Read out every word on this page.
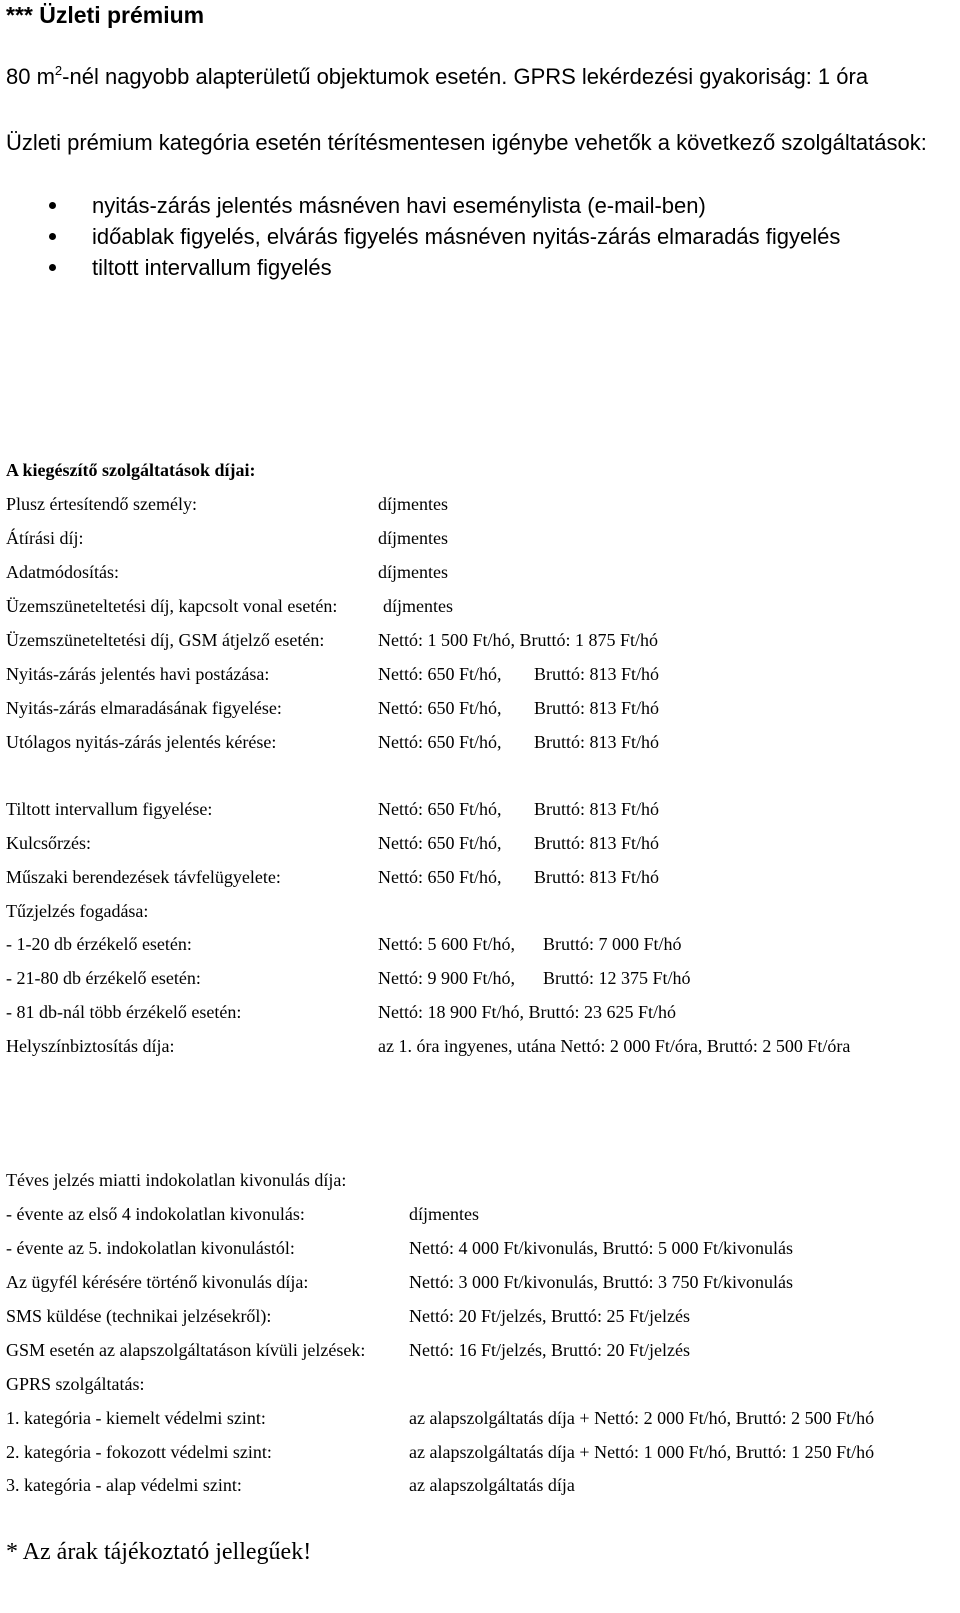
*** Üzleti prémium
80 $m^2$-nél nagyobb alapterületű objektumok esetén. GPRS lekérdezési gyakoriság: 1 óra
Üzleti prémium kategória esetén térítésmentesen igénybe vehetők a következő szolgáltatások:
nyitás-zárás jelentés másnéven havi eseménylista (e-mail-ben)
időablak figyelés, elvárás figyelés másnéven nyitás-zárás elmaradás figyelés
tiltott intervallum figyelés
A kiegészítő szolgáltatások díjai:
Plusz értesítendő személy:	díjmentes
Átírási díj:	díjmentes
Adatmódosítás:	díjmentes
Üzemszüneteltetési díj, kapcsolt vonal esetén:	díjmentes
Üzemszüneteltetési díj, GSM átjelző esetén:	Nettó: 1 500 Ft/hó, Bruttó: 1 875 Ft/hó
Nyitás-zárás jelentés havi postázása:	Nettó: 650 Ft/hó, Bruttó: 813 Ft/hó
Nyitás-zárás elmaradásának figyelése:	Nettó: 650 Ft/hó, Bruttó: 813 Ft/hó
Utólagos nyitás-zárás jelentés kérése:	Nettó: 650 Ft/hó, Bruttó: 813 Ft/hó
Tiltott intervallum figyelése:	Nettó: 650 Ft/hó, Bruttó: 813 Ft/hó
Kulcsőrzés:	Nettó: 650 Ft/hó, Bruttó: 813 Ft/hó
Műszaki berendezések távfelügyelete:	Nettó: 650 Ft/hó, Bruttó: 813 Ft/hó
Tűzjelzés fogadása:
- 1-20 db érzékelő esetén:	Nettó: 5 600 Ft/hó, Bruttó: 7 000 Ft/hó
- 21-80 db érzékelő esetén:	Nettó: 9 900 Ft/hó, Bruttó: 12 375 Ft/hó
- 81 db-nál több érzékelő esetén:	Nettó: 18 900 Ft/hó, Bruttó: 23 625 Ft/hó
Helyszínbiztosítás díja:	az 1. óra ingyenes, utána Nettó: 2 000 Ft/óra, Bruttó: 2 500 Ft/óra
Téves jelzés miatti indokolatlan kivonulás díja:
- évente az első 4 indokolatlan kivonulás:	díjmentes
- évente az 5. indokolatlan kivonulástól:	Nettó: 4 000 Ft/kivonulás, Bruttó: 5 000 Ft/kivonulás
Az ügyfél kérésére történő kivonulás díja:	Nettó: 3 000 Ft/kivonulás, Bruttó: 3 750 Ft/kivonulás
SMS küldése (technikai jelzésekről):	Nettó: 20 Ft/jelzés, Bruttó: 25 Ft/jelzés
GSM esetén az alapszolgáltatáson kívüli jelzések: Nettó: 16 Ft/jelzés, Bruttó: 20 Ft/jelzés
GPRS szolgáltatás:
1. kategória - kiemelt védelmi szint:	az alapszolgáltatás díja + Nettó: 2 000 Ft/hó, Bruttó: 2 500 Ft/hó
2. kategória - fokozott védelmi szint:	az alapszolgáltatás díja + Nettó: 1 000 Ft/hó, Bruttó: 1 250 Ft/hó
3. kategória - alap védelmi szint:	az alapszolgáltatás díja
* Az árak tájékoztató jellegűek!
